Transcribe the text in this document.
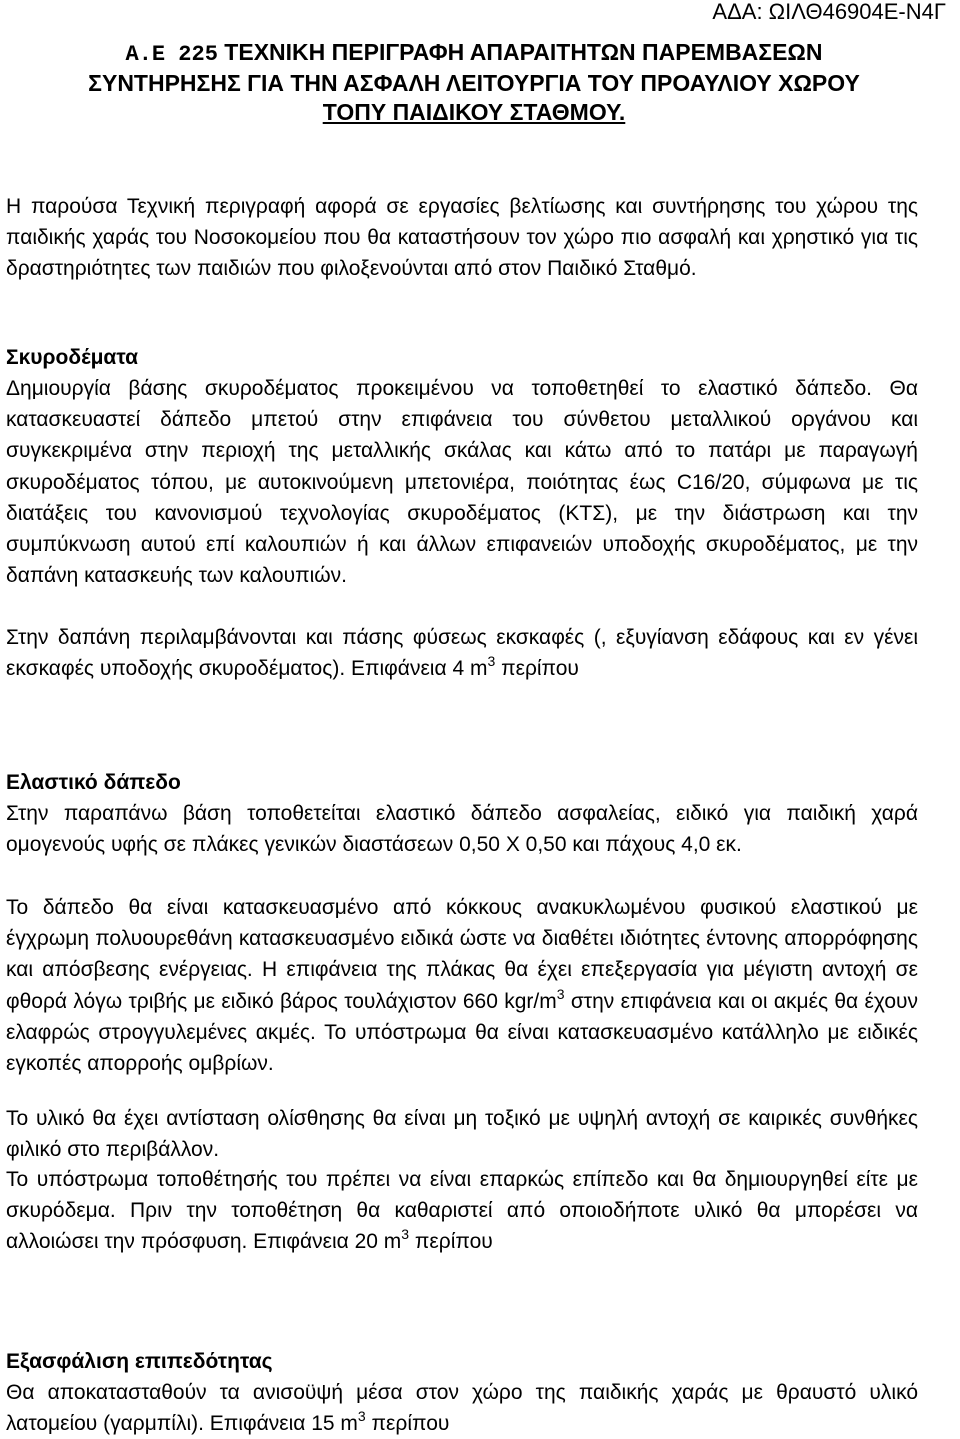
ΑΔΑ: ΩΙΛΘ46904Ε-Ν4Γ
Α.Ε 225 ΤΕΧΝΙΚΗ ΠΕΡΙΓΡΑΦΗ ΑΠΑΡΑΙΤΗΤΩΝ ΠΑΡΕΜΒΑΣΕΩΝ
ΣΥΝΤΗΡΗΣΗΣ ΓΙΑ ΤΗΝ ΑΣΦΑΛΗ ΛΕΙΤΟΥΡΓΙΑ ΤΟΥ ΠΡΟΑΥΛΙΟΥ ΧΩΡΟΥ
ΤΟΠΥ ΠΑΙΔΙΚΟΥ ΣΤΑΘΜΟΥ.
Η παρούσα Τεχνική περιγραφή αφορά σε εργασίες βελτίωσης και συντήρησης του χώρου της παιδικής χαράς του Νοσοκομείου που θα καταστήσουν τον χώρο πιο ασφαλή και χρηστικό για τις δραστηριότητες των παιδιών που φιλοξενούνται από στον Παιδικό Σταθμό.
Σκυροδέματα
Δημιουργία βάσης σκυροδέματος προκειμένου να τοποθετηθεί το ελαστικό δάπεδο. Θα κατασκευαστεί δάπεδο μπετού στην επιφάνεια του σύνθετου μεταλλικού οργάνου και συγκεκριμένα στην περιοχή της μεταλλικής σκάλας και κάτω από το πατάρι με παραγωγή σκυροδέματος τόπου, με αυτοκινούμενη μπετονιέρα, ποιότητας έως C16/20, σύμφωνα με τις διατάξεις του κανονισμού τεχνολογίας σκυροδέματος (ΚΤΣ), με την διάστρωση και την συμπύκνωση αυτού επί καλουπιών ή και άλλων επιφανειών υποδοχής σκυροδέματος, με την δαπάνη κατασκευής των καλουπιών.
Στην δαπάνη περιλαμβάνονται και πάσης φύσεως εκσκαφές (, εξυγίανση εδάφους και εν γένει εκσκαφές υποδοχής σκυροδέματος). Επιφάνεια 4 $m^3$ περίπου
Ελαστικό δάπεδο
Στην παραπάνω βάση τοποθετείται ελαστικό δάπεδο ασφαλείας, ειδικό για παιδική χαρά ομογενούς υφής σε πλάκες γενικών διαστάσεων 0,50 Χ 0,50 και πάχους 4,0 εκ.
Το δάπεδο θα είναι κατασκευασμένο από κόκκους ανακυκλωμένου φυσικού ελαστικού με έγχρωμη πολυουρεθάνη κατασκευασμένο ειδικά ώστε να διαθέτει ιδιότητες έντονης απορρόφησης και απόσβεσης ενέργειας. Η επιφάνεια της πλάκας θα έχει επεξεργασία για μέγιστη αντοχή σε φθορά λόγω τριβής με ειδικό βάρος τουλάχιστον 660 kgr/$m^3$ στην επιφάνεια και οι ακμές θα έχουν ελαφρώς στρογγυλεμένες ακμές. Το υπόστρωμα θα είναι κατασκευασμένο κατάλληλο με ειδικές εγκοπές απορροής ομβρίων.
Το υλικό θα έχει αντίσταση ολίσθησης θα είναι μη τοξικό με υψηλή αντοχή σε καιρικές συνθήκες φιλικό στο περιβάλλον.
Το υπόστρωμα τοποθέτησής του πρέπει να είναι επαρκώς επίπεδο και θα δημιουργηθεί είτε με σκυρόδεμα. Πριν την τοποθέτηση θα καθαριστεί από οποιοδήποτε υλικό θα μπορέσει να αλλοιώσει την πρόσφυση. Επιφάνεια 20 $m^3$ περίπου
Εξασφάλιση επιπεδότητας
Θα αποκατασταθούν τα ανισοϋψή μέσα στον χώρο της παιδικής χαράς με θραυστό υλικό λατομείου (γαρμπίλι). Επιφάνεια 15 $m^3$ περίπου
